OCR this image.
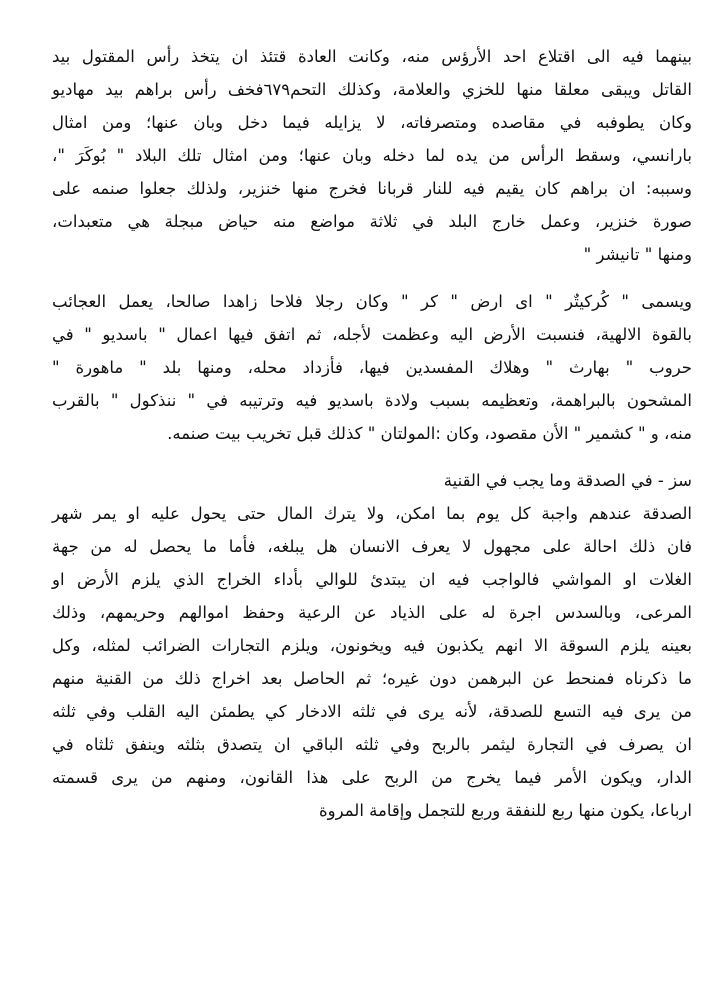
بينهما فيه الى اقتلاع احد الأرؤس منه، وكانت العادة قتئذ ان يتخذ رأس المقتول بيد
القاتل ويبقى معلقا منها للخزي والعلامة، وكذلك التحم٦٧٩فخف رأس براهم بيد مهاديو
وكان يطوفبه في مقاصده ومتصرفاته، لا يزايله فيما دخل وبان عنها؛ ومن امثال
بارانسي، وسقط الرأس من يده لما دخله وبان عنها؛ ومن امثال تلك البلاد " بُوكَرَ "،
وسببه: ان براهم كان يقيم فيه للنار قربانا فخرج منها خنزير، ولذلك جعلوا صنمه على
صورة خنزير، وعمل خارج البلد في ثلاثة مواضع منه حياض مبجلة هي متعبدات،
ومنها " تانيشر "
ويسمى " كُركيتٌر " اى ارض " كر " وكان رجلا فلاحا زاهدا صالحا، يعمل العجائب
بالقوة الالهية، فنسبت الأرض اليه وعظمت لأجله، ثم اتفق فيها اعمال " باسديو " في
حروب " بهارث " وهلاك المفسدين فيها، فأزداد محله، ومنها بلد " ماهورة "
المشحون بالبراهمة، وتعظيمه بسبب ولادة باسديو فيه وترتيبه في " ننذكول " بالقرب
منه، و " كشمير " الأن مقصود، وكان :المولتان " كذلك قبل تخريب بيت صنمه.
سز - في الصدقة وما يجب في القنية
الصدقة عندهم واجبة كل يوم بما امكن، ولا يترك المال حتى يحول عليه او يمر شهر
فان ذلك احالة على مجهول لا يعرف الانسان هل يبلغه، فأما ما يحصل له من جهة
الغلات او المواشي فالواجب فيه ان يبتدئ للوالي بأداء الخراج الذي يلزم الأرض او
المرعى، وبالسدس اجرة له على الذياد عن الرعية وحفظ اموالهم وحريمهم، وذلك
بعينه يلزم السوقة الا انهم يكذبون فيه ويخونون، ويلزم التجارات الضرائب لمثله، وكل
ما ذكرناه فمنحط عن البرهمن دون غيره؛ ثم الحاصل بعد اخراج ذلك من القنية منهم
من يرى فيه التسع للصدقة، لأنه يرى في ثلثه الادخار كي يطمئن اليه القلب وفي ثلثه
ان يصرف في التجارة ليثمر بالربح وفي ثلثه الباقي ان يتصدق بثلثه وينفق ثلثاه في
الدار، ويكون الأمر فيما يخرج من الربح على هذا القانون، ومنهم من يرى قسمته
ارباعا، يكون منها ربع للنفقة وربع للتجمل وإقامة المروة
